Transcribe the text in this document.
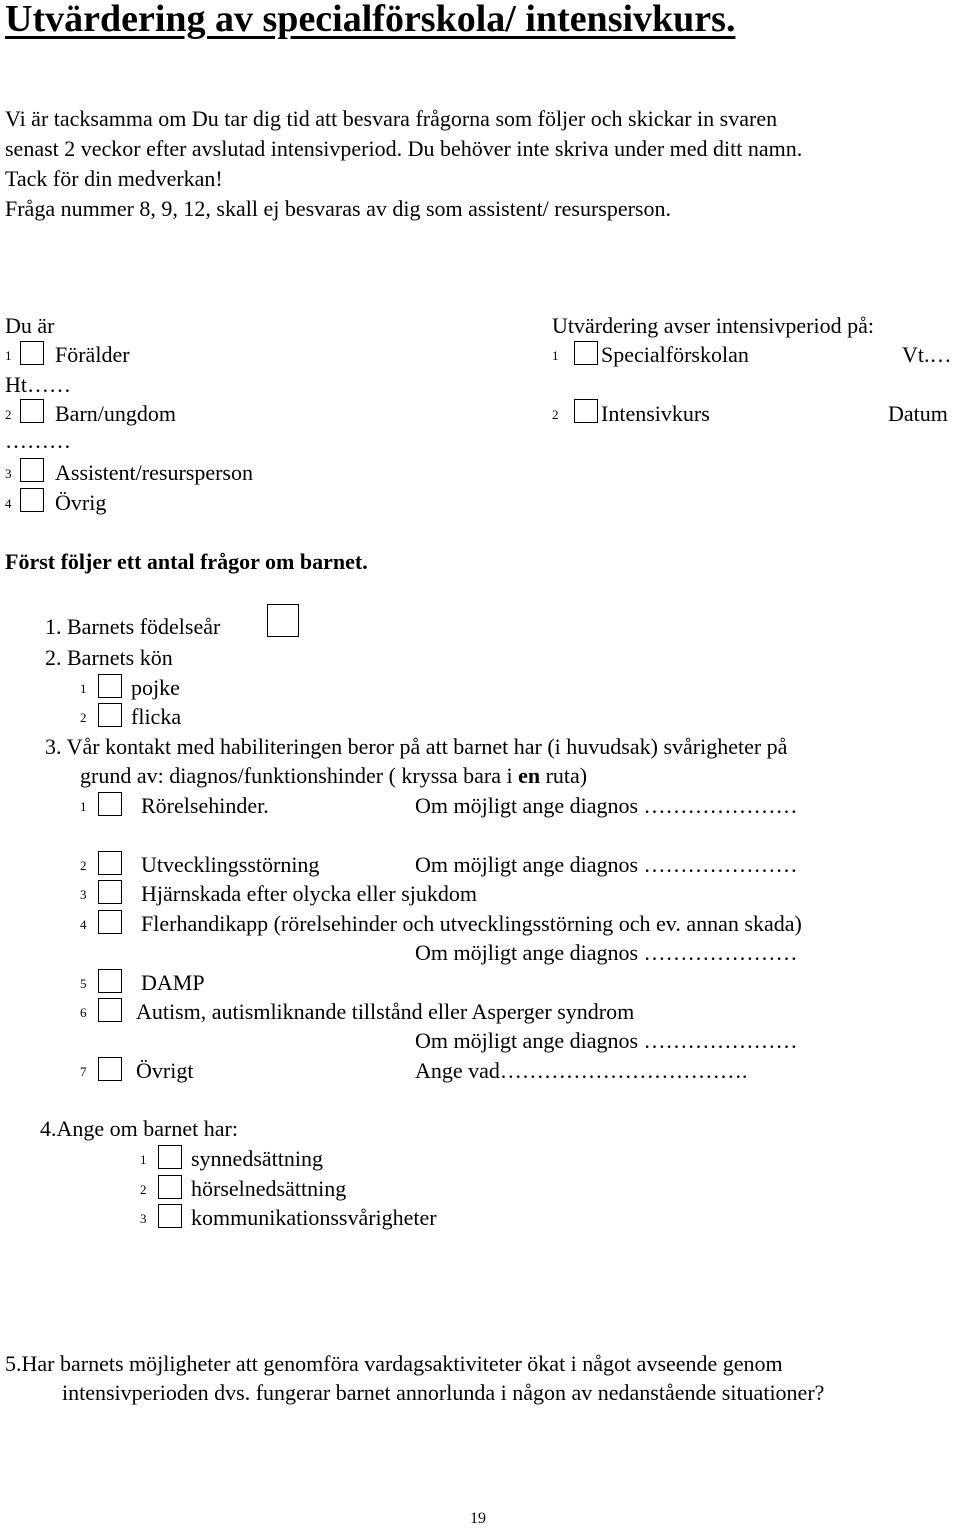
Utvärdering av specialförskola/ intensivkurs.
Vi är tacksamma om Du tar dig tid att besvara frågorna som följer och skickar in svaren
senast 2 veckor efter avslutad intensivperiod. Du behöver inte skriva under med ditt namn.
Tack för din medverkan!
Fråga nummer 8, 9, 12, skall ej besvaras av dig som assistent/ resursperson.
Du är
1 Förälder
Ht……
2 Barn/ungdom
………
3 Assistent/resursperson
4 Övrig
Utvärdering avser intensivperiod på:
1 Specialförskolan	Vt.…
2 Intensivkurs	Datum
Först följer ett antal frågor om barnet.
1. Barnets födelseår
2. Barnets kön
1 pojke
2 flicka
3. Vår kontakt med habiliteringen beror på att barnet har (i huvudsak) svårigheter på
grund av: diagnos/funktionshinder ( kryssa bara i en ruta)
1 Rörelsehinder.	Om möjligt ange diagnos …………………
2 Utvecklingsstörning	Om möjligt ange diagnos …………………
3 Hjärnskada efter olycka eller sjukdom
4 Flerhandikapp (rörelsehinder och utvecklingsstörning och ev. annan skada)
Om möjligt ange diagnos …………………
5 DAMP
6 Autism, autismliknande tillstånd eller Asperger syndrom
Om möjligt ange diagnos …………………
7 Övrigt	Ange vad…………………………….
4.Ange om barnet har:
1 synnedsättning
2 hörselnedsättning
3 kommunikationssvårigheter
5.Har barnets möjligheter att genomföra vardagsaktiviteter ökat i något avseende genom
intensivperioden dvs. fungerar barnet annorlunda i någon av nedanstående situationer?
19
